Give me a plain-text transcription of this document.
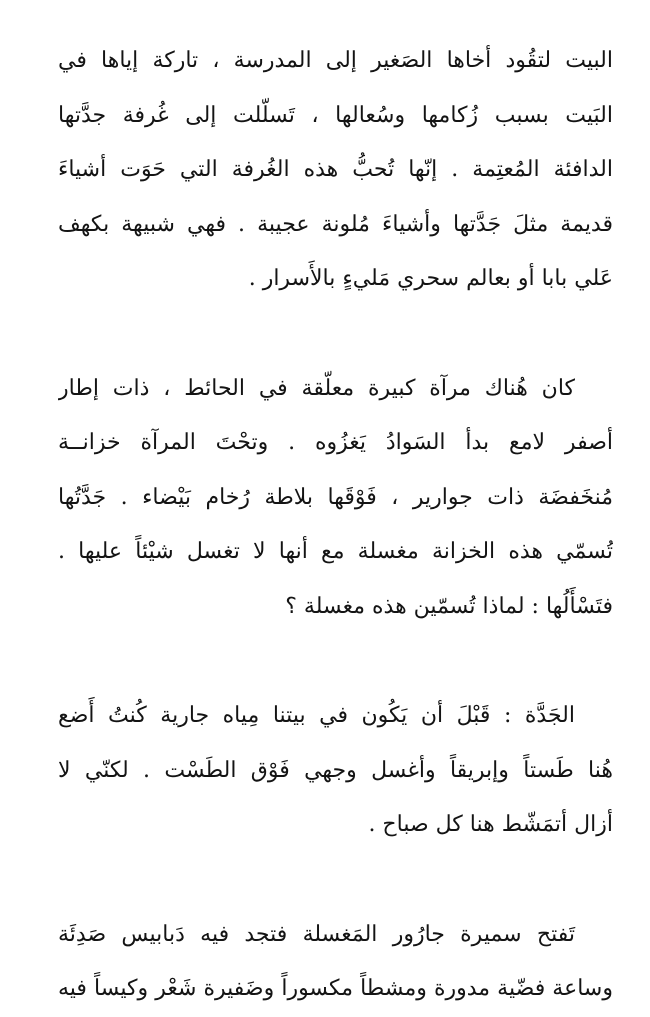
البيت لتقُود أخاها الصَغير إلى المدرسة ، تاركة إياها في
البَيت بسبب زُكامها وسُعالها ، تَسلّلت إلى غُرفة جدَّتها
الدافئة المُعتِمة . إنّها تُحبُّ هذه الغُرفة التي حَوَت أشياءَ
قديمة مثلَ جَدَّتها وأشياءَ مُلونة عجيبة . فهي شبيهة بكهف
عَلي بابا أو بعالم سحري مَليءٍ بالأَسرار .
كان هُناك مرآة كبيرة معلّقة في الحائط ، ذات إطار
أصفر لامع بدأ السَوادُ يَغزُوه . وتحْتَ المرآة خزانــة
مُنخَفضَة ذات جوارير ، فَوْقَها بلاطة رُخام بَيْضاء . جَدَّتُها
تُسمّي هذه الخزانة مغسلة مع أنها لا تغسل شيْئاً عليها .
فتَسْأَلُها : لماذا تُسمّين هذه مغسلة ؟
الجَدَّة : قَبْلَ أن يَكُون في بيتنا مِياه جارية كُنتُ أَضع
هُنا طَستاً وإبريقاً وأغسل وجهي فَوْق الطَسْت . لكنّي لا
أزال أتمَشّط هنا كل صباح .
تَفتح سميرة جارُور المَغسلة فتجد فيه دَبابيس صَدِئَة
وساعة فضّية مدورة ومشطاً مكسوراً وضَفيرة شَعْر وكيساً فيه
